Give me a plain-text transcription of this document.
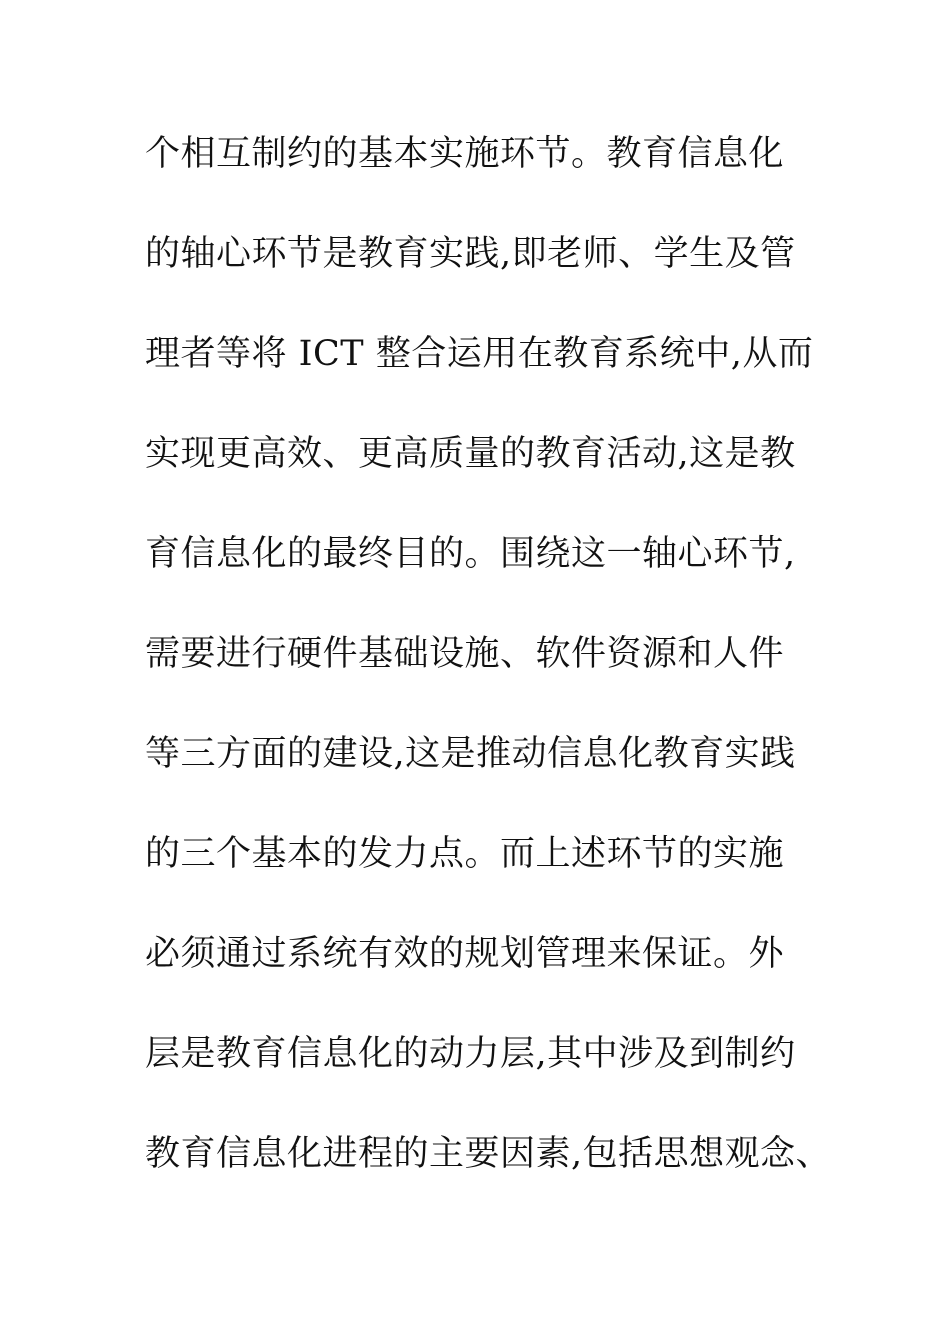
个相互制约的基本实施环节。教育信息化
的轴心环节是教育实践,即老师、学生及管
理者等将 ICT 整合运用在教育系统中,从而
实现更高效、更高质量的教育活动,这是教
育信息化的最终目的。围绕这一轴心环节,
需要进行硬件基础设施、软件资源和人件
等三方面的建设,这是推动信息化教育实践
的三个基本的发力点。而上述环节的实施
必须通过系统有效的规划管理来保证。外
层是教育信息化的动力层,其中涉及到制约
教育信息化进程的主要因素,包括思想观念、
